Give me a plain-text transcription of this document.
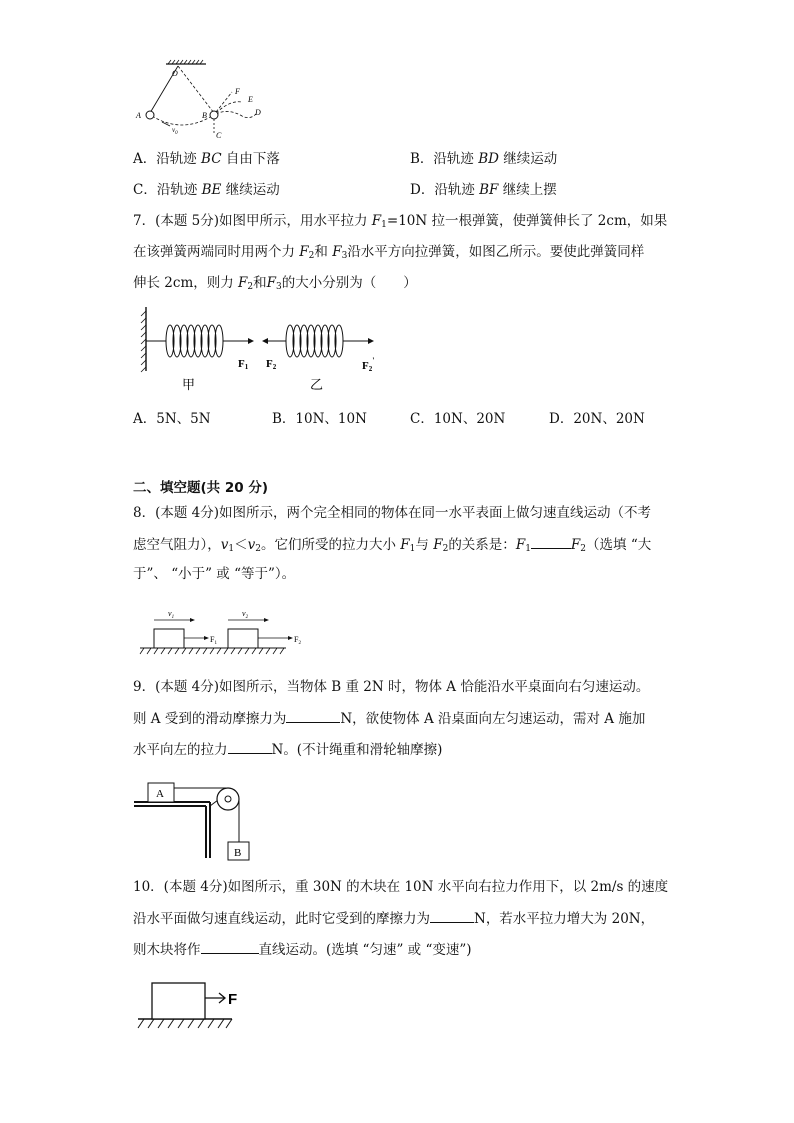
O
A	B
C
D
E
F
$v_0$
A．沿轨迹 BC 自由下落	B．沿轨迹 BD 继续运动
C．沿轨迹 BE 继续运动	D．沿轨迹 BF 继续上摆
7．(本题 5分)如图甲所示，用水平拉力 $F_1=10N$ 拉一根弹簧，使弹簧伸长了 2cm，如果
在该弹簧两端同时用两个力 $F_2$和 $F_3$沿水平方向拉弹簧，如图乙所示。要使此弹簧同样
伸长 2cm，则力 $F_2$和$F_3$的大小分别为（　　）
F1 F2	F2'
甲	乙
A．5N、5N	B．10N、10N	C．10N、20N	D．20N、20N
二、填空题(共 20 分)
8．(本题 4分)如图所示，两个完全相同的物体在同一水平表面上做匀速直线运动（不考
虑空气阻力），$v_1<v_2$。它们所受的拉力大小 $F_1$与 $F_2$的关系是：$F_1$	$F_2$（选填 “大
于”、 “小于” 或 “等于”）。
$v_1$	$v_2$
$F_1$	$F_2$
9．(本题 4分)如图所示，当物体 B 重 2N 时，物体 A 恰能沿水平桌面向右匀速运动。
则 A 受到的滑动摩擦力为	N，欲使物体 A 沿桌面向左匀速运动，需对 A 施加
水平向左的拉力	N。(不计绳重和滑轮轴摩擦)
A
B
10．(本题 4分)如图所示，重 30N 的木块在 10N 水平向右拉力作用下，以 2m/s 的速度
沿水平面做匀速直线运动，此时它受到的摩擦力为	N，若水平拉力增大为 20N，
则木块将作	直线运动。(选填 “匀速” 或 “变速”)
F
